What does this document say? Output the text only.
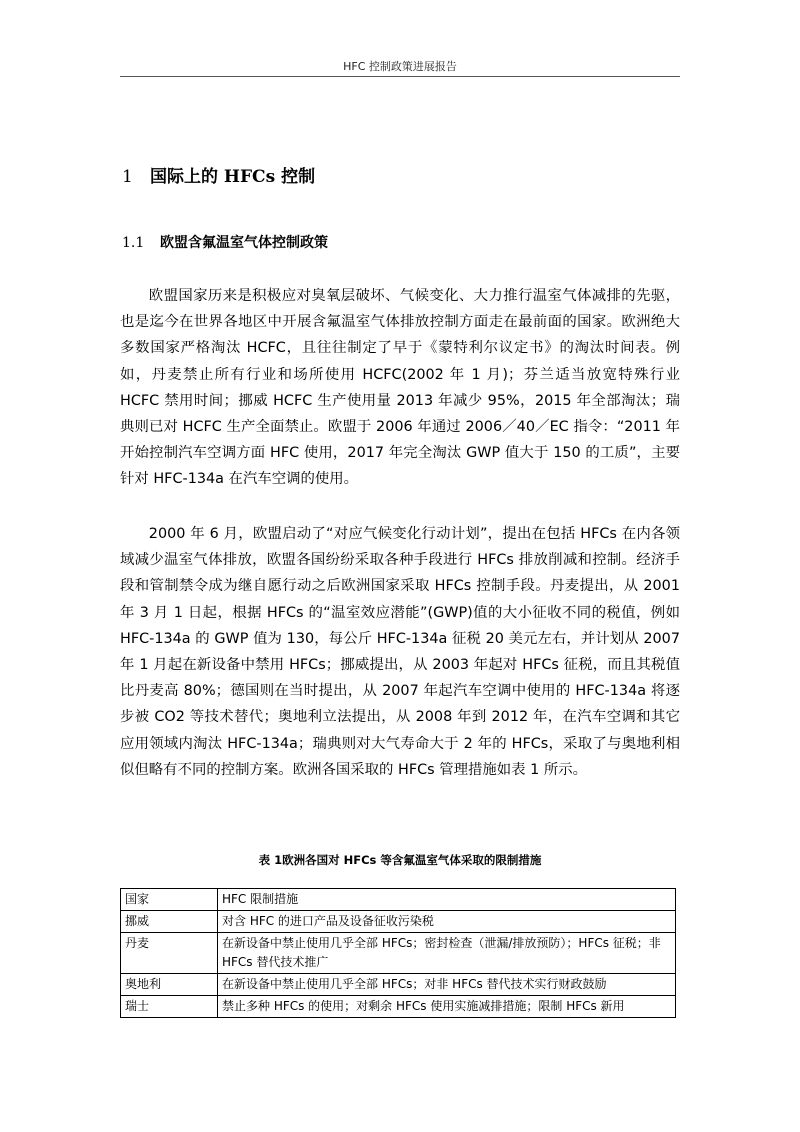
HFC 控制政策进展报告
1 国际上的 HFCs 控制
1.1 欧盟含氟温室气体控制政策

欧盟国家历来是积极应对臭氧层破坏、气候变化、大力推行温室气体减排的先驱，也是迄今在世界各地区中开展含氟温室气体排放控制方面走在最前面的国家。欧洲绝大多数国家严格淘汰 HCFC，且往往制定了早于《蒙特利尔议定书》的淘汰时间表。例如，丹麦禁止所有行业和场所使用 HCFC(2002 年 1 月)；芬兰适当放宽特殊行业 HCFC 禁用时间；挪威 HCFC 生产使用量 2013 年减少 95%，2015 年全部淘汰；瑞典则已对 HCFC 生产全面禁止。欧盟于 2006 年通过 2006／40／EC 指令：“2011 年开始控制汽车空调方面 HFC 使用，2017 年完全淘汰 GWP 值大于 150 的工质”，主要针对 HFC-134a 在汽车空调的使用。

2000 年 6 月，欧盟启动了“对应气候变化行动计划”，提出在包括 HFCs 在内各领域减少温室气体排放，欧盟各国纷纷采取各种手段进行 HFCs 排放削减和控制。经济手段和管制禁令成为继自愿行动之后欧洲国家采取 HFCs 控制手段。丹麦提出，从 2001 年 3 月 1 日起，根据 HFCs 的“温室效应潜能”(GWP)值的大小征收不同的税值，例如 HFC-134a 的 GWP 值为 130，每公斤 HFC-134a 征税 20 美元左右，并计划从 2007 年 1 月起在新设备中禁用 HFCs；挪威提出，从 2003 年起对 HFCs 征税，而且其税值比丹麦高 80%；德国则在当时提出，从 2007 年起汽车空调中使用的 HFC-134a 将逐步被 CO2 等技术替代；奥地利立法提出，从 2008 年到 2012 年，在汽车空调和其它应用领域内淘汰 HFC-134a；瑞典则对大气寿命大于 2 年的 HFCs，采取了与奥地利相似但略有不同的控制方案。欧洲各国采取的 HFCs 管理措施如表 1 所示。

表 1欧洲各国对 HFCs 等含氟温室气体采取的限制措施
国家	HFC 限制措施
挪威	对含 HFC 的进口产品及设备征收污染税
丹麦	在新设备中禁止使用几乎全部 HFCs；密封检查（泄漏/排放预防）；HFCs 征税；非 HFCs 替代技术推广
奥地利	在新设备中禁止使用几乎全部 HFCs；对非 HFCs 替代技术实行财政鼓励
瑞士	禁止多种 HFCs 的使用；对剩余 HFCs 使用实施减排措施；限制 HFCs 新用
